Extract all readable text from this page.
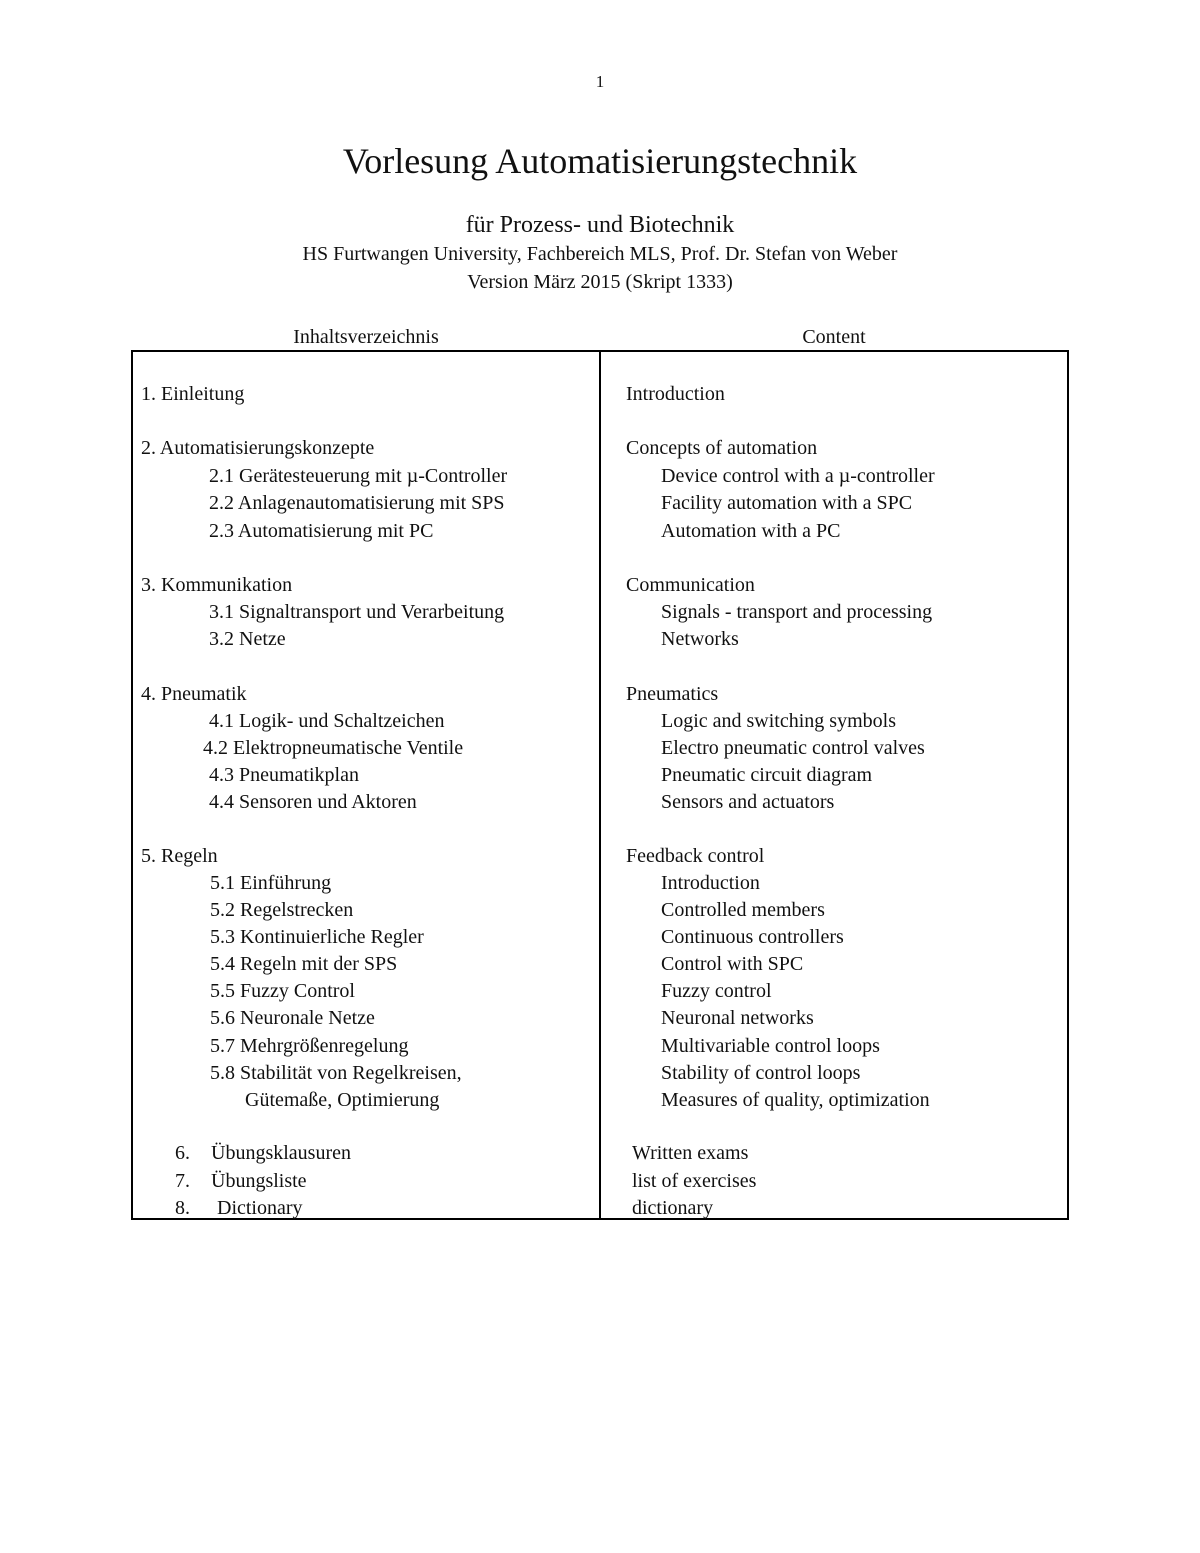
1
Vorlesung Automatisierungstechnik
für Prozess- und Biotechnik
HS Furtwangen University, Fachbereich MLS, Prof. Dr. Stefan von Weber
Version März 2015 (Skript 1333)
Inhaltsverzeichnis	Content
1. Einleitung
2. Automatisierungskonzepte
2.1 Gerätesteuerung mit µ-Controller
2.2 Anlagenautomatisierung mit SPS
2.3 Automatisierung mit PC
3. Kommunikation
3.1 Signaltransport und Verarbeitung
3.2 Netze
4. Pneumatik
4.1 Logik- und Schaltzeichen
4.2 Elektropneumatische Ventile
4.3 Pneumatikplan
4.4 Sensoren und Aktoren
5. Regeln
5.1 Einführung
5.2 Regelstrecken
5.3 Kontinuierliche Regler
5.4 Regeln mit der SPS
5.5 Fuzzy Control
5.6 Neuronale Netze
5.7 Mehrgrößenregelung
5.8 Stabilität von Regelkreisen,
Gütemaße, Optimierung
6. Übungsklausuren
7. Übungsliste
8. Dictionary
Introduction
Concepts of automation
Device control with a µ-controller
Facility automation with a SPC
Automation with a PC
Communication
Signals - transport and processing
Networks
Pneumatics
Logic and switching symbols
Electro pneumatic control valves
Pneumatic circuit diagram
Sensors and actuators
Feedback control
Introduction
Controlled members
Continuous controllers
Control with SPC
Fuzzy control
Neuronal networks
Multivariable control loops
Stability of control loops
Measures of quality, optimization
Written exams
list of exercises
dictionary
